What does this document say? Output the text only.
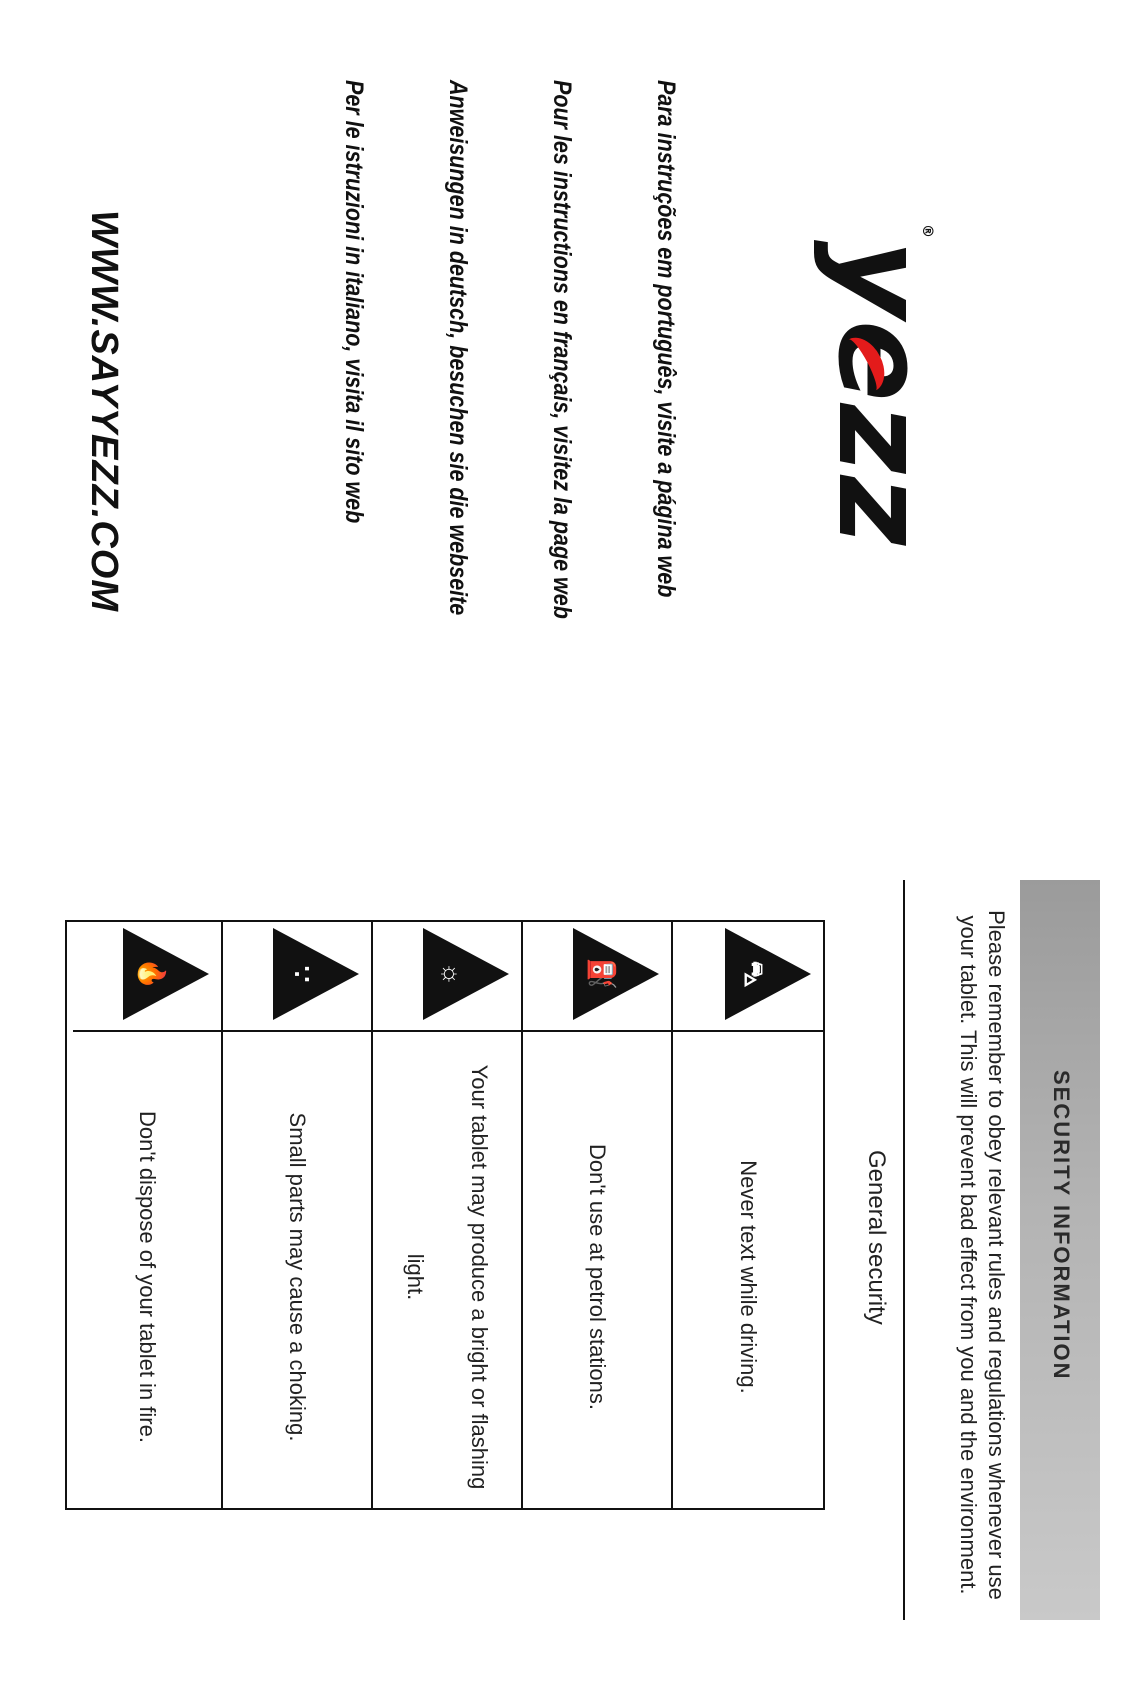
®
yezz

Para instruções em português, visite a página web

Pour les instructions en français, visitez la page web

Anweisungen in deutsch, besuchen sie die webseite

Per le istruzioni in italiano, visita il sito web

WWW.SAYYEZZ.COM
SECURITY INFORMATION
Please remember to obey relevant rules and regulations whenever use your tablet. This will prevent bad effect from you and the environment.
General security
⛍
Never text while driving.
⛽
Don't use at petrol stations.
☼
Your tablet may produce a bright or flashing light.
∵
Small parts may cause a choking.
🔥
Don't dispose of your tablet in fire.
